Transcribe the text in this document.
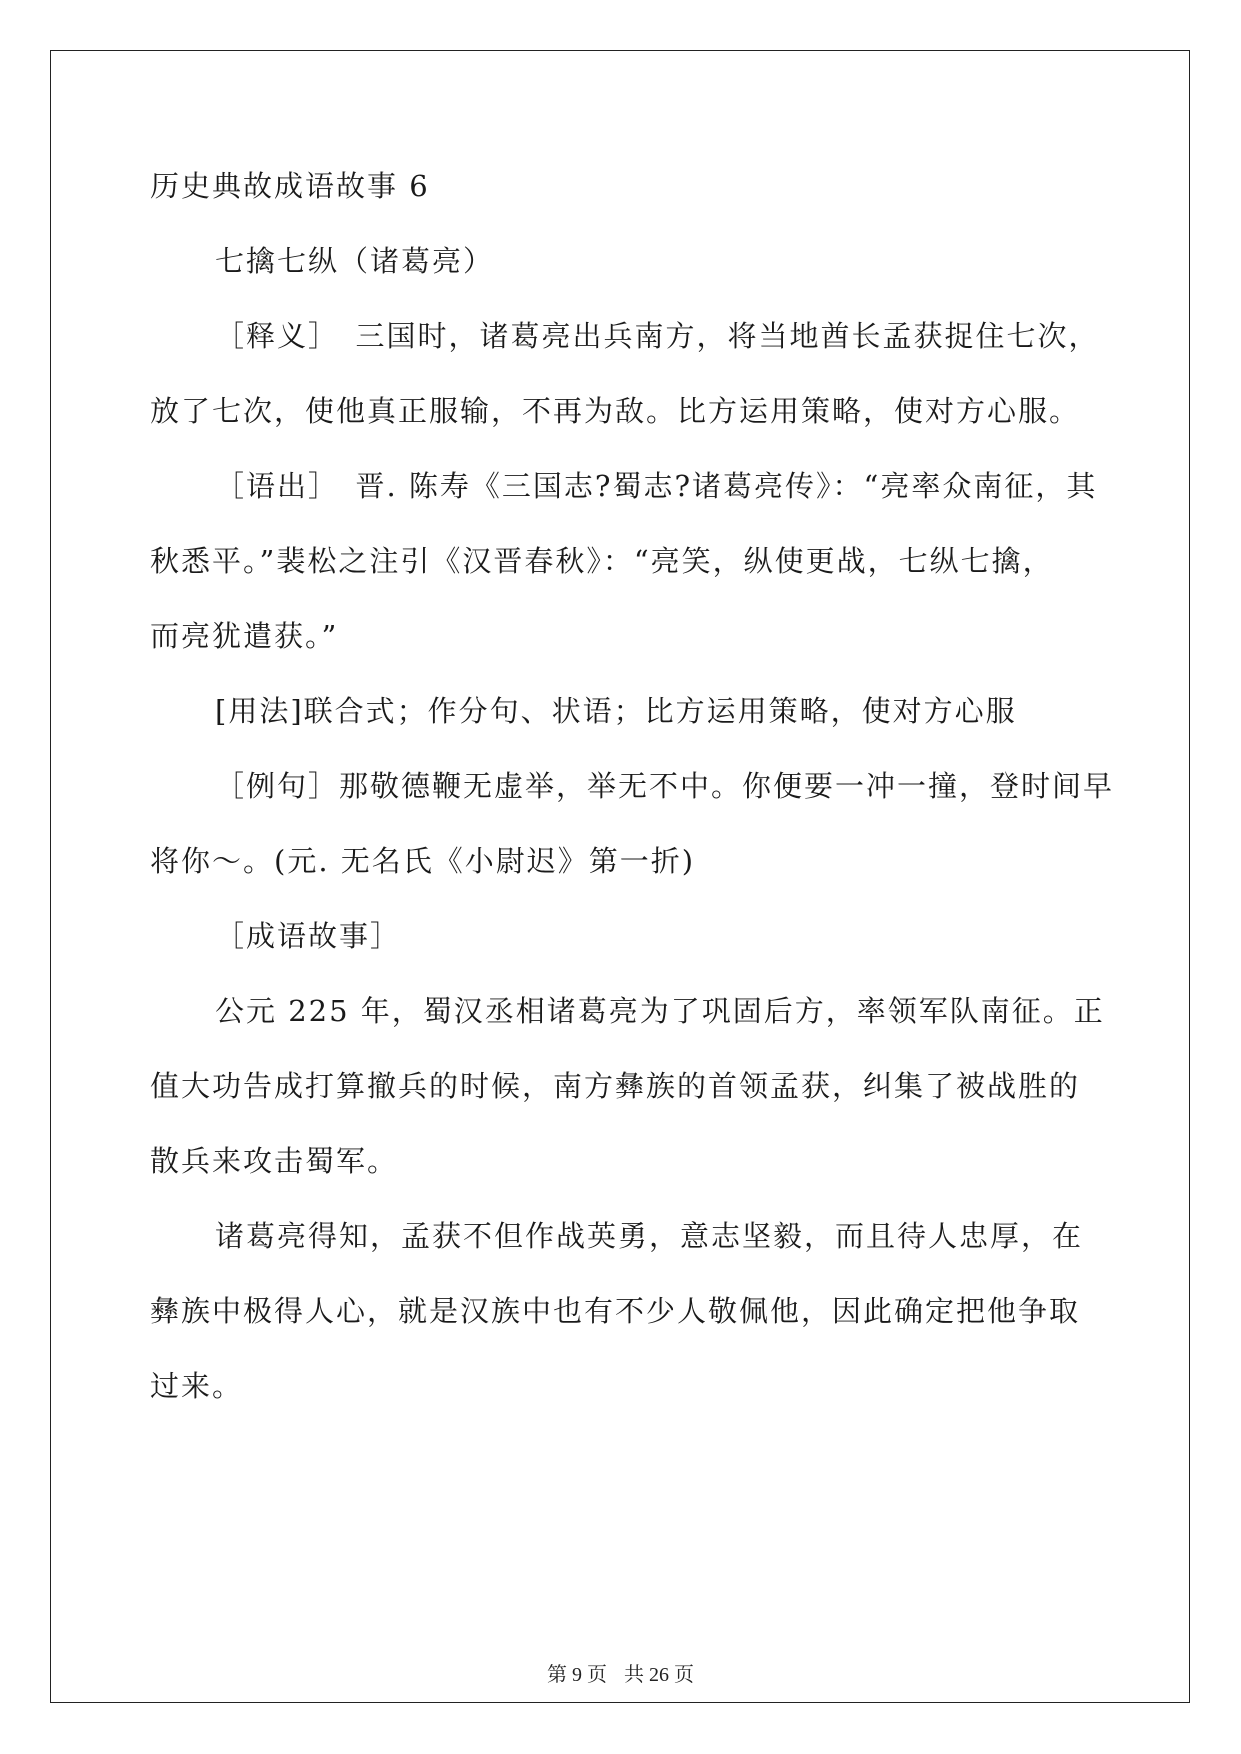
历史典故成语故事 6
七擒七纵（诸葛亮）
［释义］　三国时，诸葛亮出兵南方，将当地酋长孟获捉住七次，
放了七次，使他真正服输，不再为敌。比方运用策略，使对方心服。
［语出］　晋. 陈寿《三国志?蜀志?诸葛亮传》：“亮率众南征，其
秋悉平。”裴松之注引《汉晋春秋》：“亮笑，纵使更战，七纵七擒，
而亮犹遣获。”
[用法]联合式；作分句、状语；比方运用策略，使对方心服
［例句］那敬德鞭无虚举，举无不中。你便要一冲一撞，登时间早
将你～。(元. 无名氏《小尉迟》第一折)
［成语故事］
公元 225 年，蜀汉丞相诸葛亮为了巩固后方，率领军队南征。正
值大功告成打算撤兵的时候，南方彝族的首领孟获，纠集了被战胜的
散兵来攻击蜀军。
诸葛亮得知，孟获不但作战英勇，意志坚毅，而且待人忠厚，在
彝族中极得人心，就是汉族中也有不少人敬佩他，因此确定把他争取
过来。
第 9 页 共 26 页
